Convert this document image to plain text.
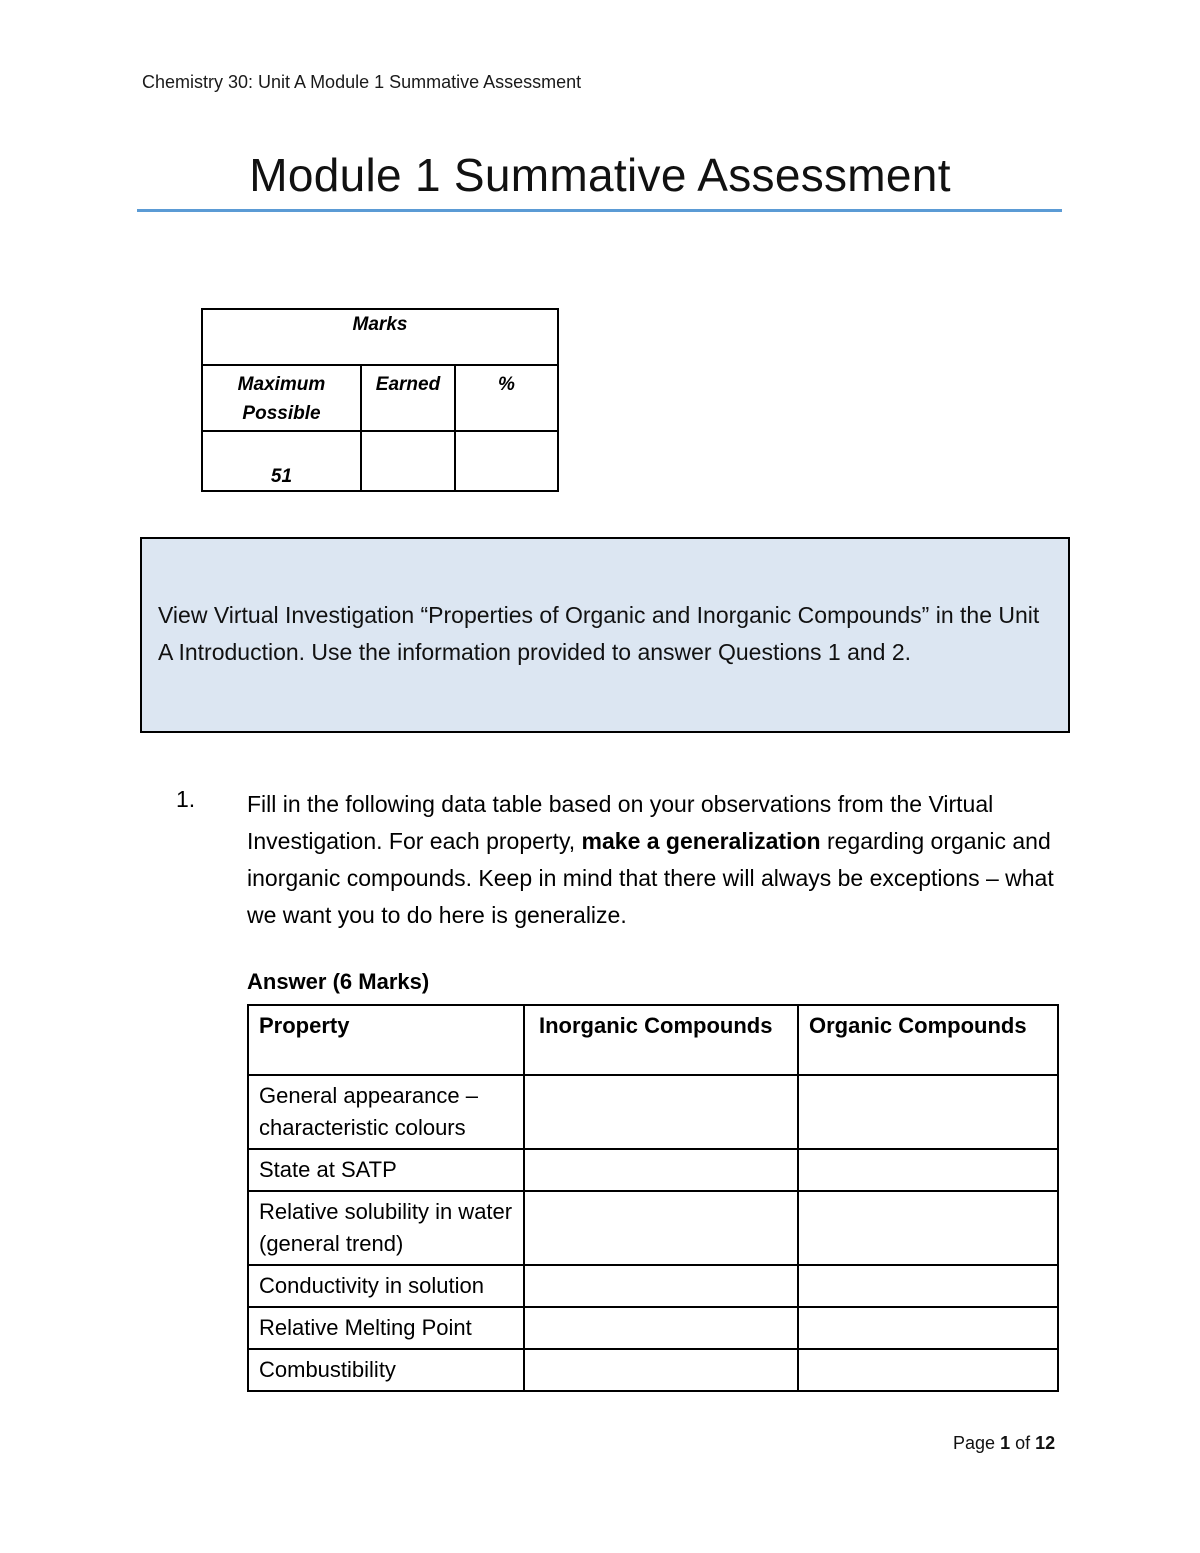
Chemistry 30: Unit A Module 1 Summative Assessment
Module 1 Summative Assessment
Marks		
Maximum Possible	Earned	%
51		
View Virtual Investigation “Properties of Organic and Inorganic Compounds” in the Unit A Introduction. Use the information provided to answer Questions 1 and 2.
1. Fill in the following data table based on your observations from the Virtual Investigation. For each property, make a generalization regarding organic and inorganic compounds. Keep in mind that there will always be exceptions – what we want you to do here is generalize.
Answer (6 Marks)
Property	Inorganic Compounds	Organic Compounds
General appearance – characteristic colours		
State at SATP		
Relative solubility in water (general trend)		
Conductivity in solution		
Relative Melting Point		
Combustibility		
Page 1 of 12
